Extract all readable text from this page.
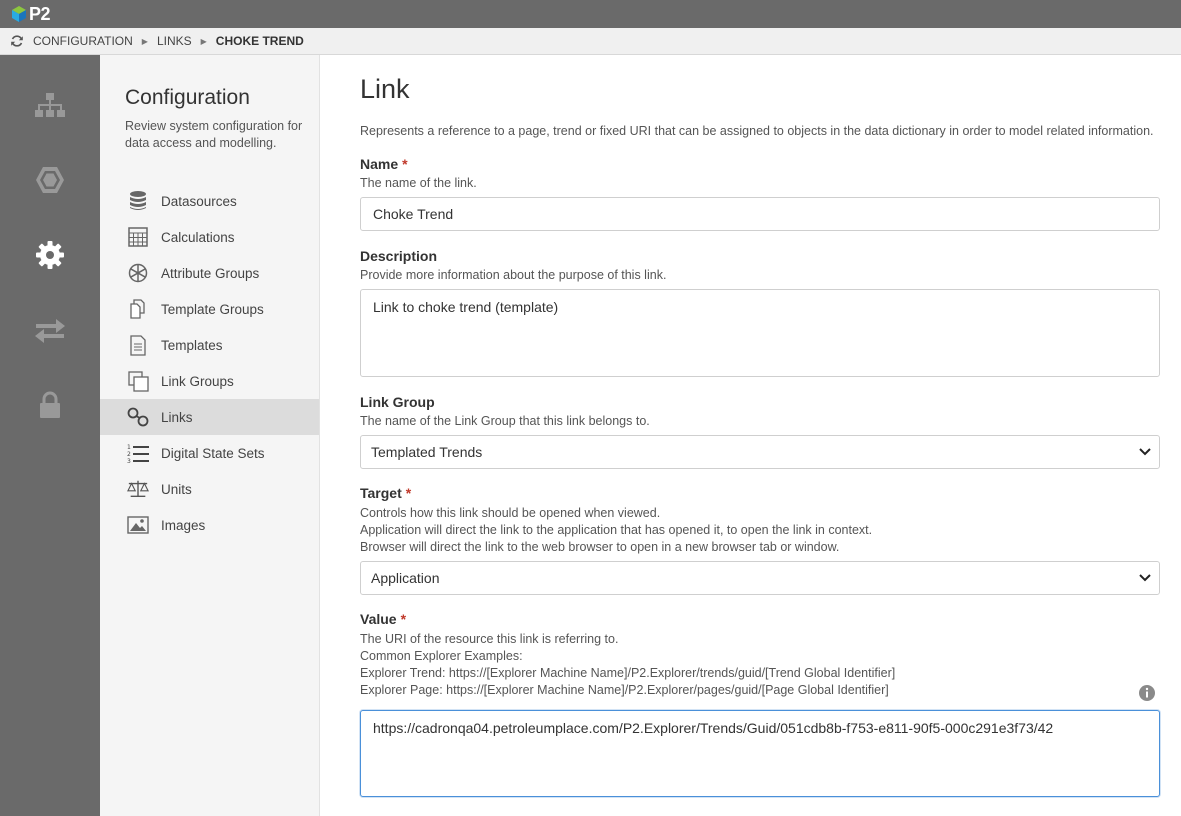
P2
CONFIGURATION ▶ LINKS ▶ CHOKE TREND
Configuration
Review system configuration for data access and modelling.
Datasources
Calculations
Attribute Groups
Template Groups
Templates
Link Groups
Links
1
2
3
Digital State Sets
Units
Images
Link
Represents a reference to a page, trend or fixed URI that can be assigned to objects in the data dictionary in order to model related information.
Name *
The name of the link.
Choke Trend
Description
Provide more information about the purpose of this link.
Link to choke trend (template)
Link Group
The name of the Link Group that this link belongs to.
Templated Trends
Target *
Controls how this link should be opened when viewed.
Application will direct the link to the application that has opened it, to open the link in context.
Browser will direct the link to the web browser to open in a new browser tab or window.
Application
Value *
The URI of the resource this link is referring to.
Common Explorer Examples:
Explorer Trend: https://[Explorer Machine Name]/P2.Explorer/trends/guid/[Trend Global Identifier]
Explorer Page: https://[Explorer Machine Name]/P2.Explorer/pages/guid/[Page Global Identifier]
https://cadronqa04.petroleumplace.com/P2.Explorer/Trends/Guid/051cdb8b-f753-e811-90f5-000c291e3f73/42
